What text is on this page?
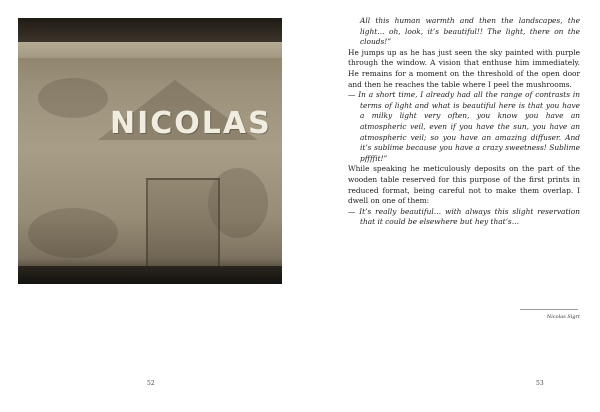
NICOLAS
52

All this human warmth and then the landscapes, the light… oh, look, it’s beautiful!! The light, there on the clouds!”

He jumps up as he has just seen the sky painted with purple through the window. A vision that enthuse him immediately. He remains for a moment on the threshold of the open door and then he reaches the table where I peel the mushrooms.

— In a short time, I already had all the range of contrasts in terms of light and what is beautiful here is that you have a milky light very often, you know you have an atmospheric veil, even if you have the sun, you have an atmospheric veil; so you have an amazing diffuser. And it’s sublime because you have a crazy sweetness! Sublime pffffit!”

While speaking he meticulously deposits on the part of the wooden table reserved for this purpose of the first prints in reduced format, being careful not to make them overlap. I dwell on one of them:

— It’s really beautiful… with always this slight reservation that it could be elsewhere but hey that’s…

Nicolas Sigrt
53
